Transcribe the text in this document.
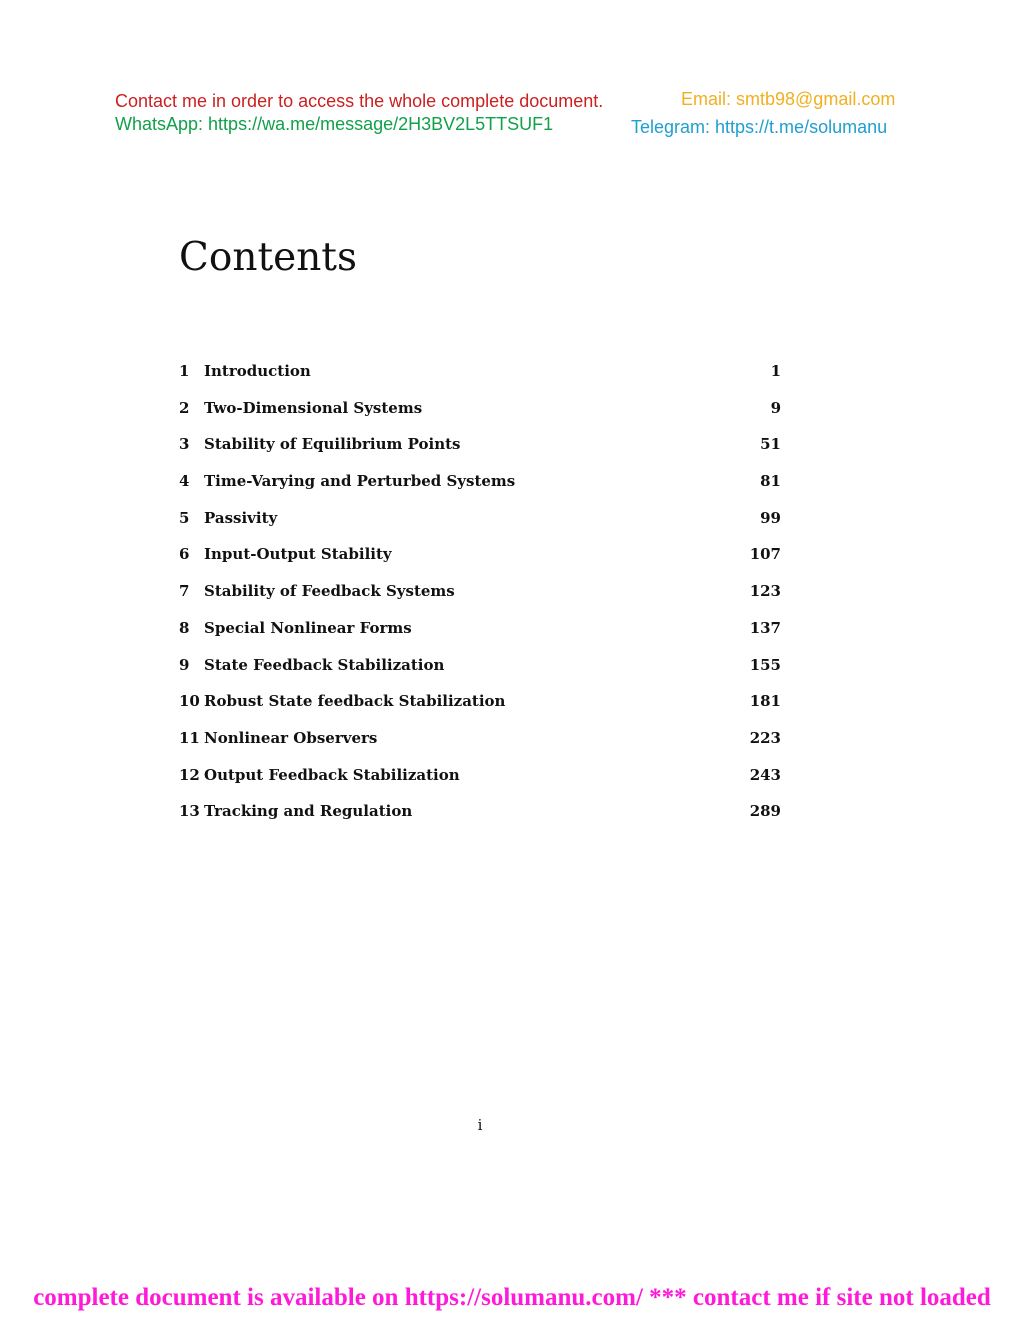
Contact me in order to access the whole complete document.
WhatsApp: https://wa.me/message/2H3BV2L5TTSUF1
Email: smtb98@gmail.com
Telegram: https://t.me/solumanu
Contents
1 Introduction	1
2 Two-Dimensional Systems	9
3 Stability of Equilibrium Points	51
4 Time-Varying and Perturbed Systems	81
5 Passivity	99
6 Input-Output Stability	107
7 Stability of Feedback Systems	123
8 Special Nonlinear Forms	137
9 State Feedback Stabilization	155
10 Robust State feedback Stabilization	181
11 Nonlinear Observers	223
12 Output Feedback Stabilization	243
13 Tracking and Regulation	289
i
complete document is available on https://solumanu.com/ *** contact me if site not loaded
